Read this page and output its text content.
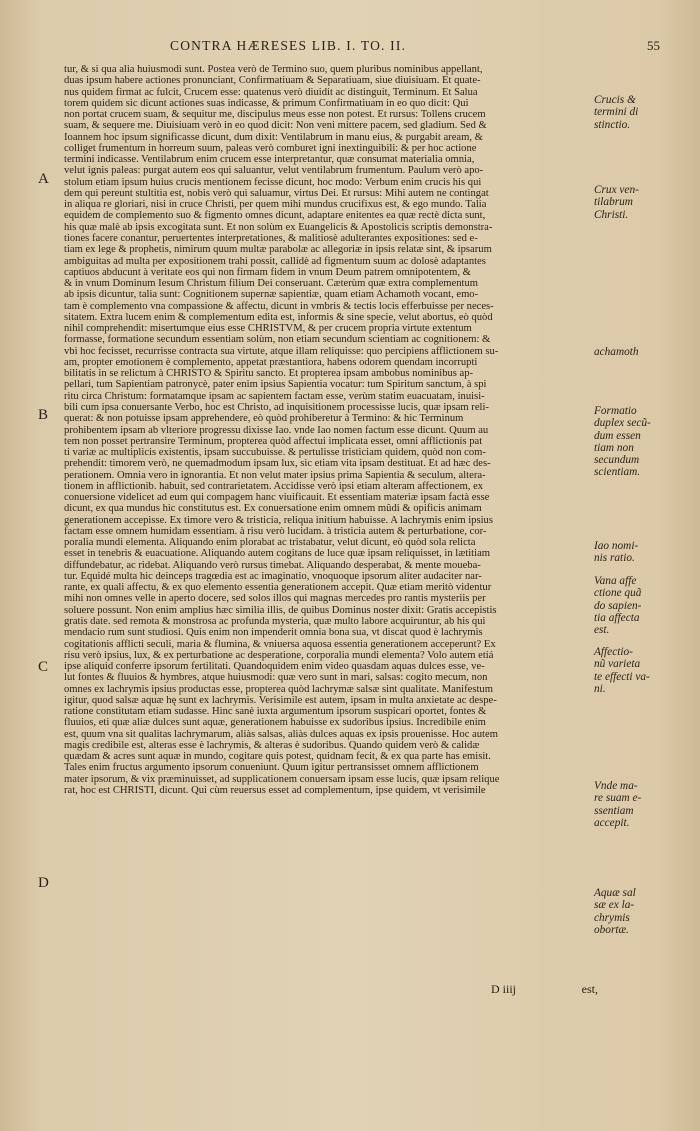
CONTRA HÆRESES LIB. I. TO. II.	55
tur, & si qua alia huiusmodi sunt. Postea verò de Termino suo, quem pluribus nominibus appellant,
duas ipsum habere actiones pronunciant, Confirmatiuam & Separatiuam, siue diuisiuam. Et quate-
nus quidem firmat ac fulcit, Crucem esse: quatenus verò diuidit ac distinguit, Terminum. Et Salua
torem quidem sic dicunt actiones suas indicasse, & primum Confirmatiuam in eo quo dicit: Qui
non portat crucem suam, & sequitur me, discipulus meus esse non potest. Et rursus: Tollens crucem
suam, & sequere me. Diuisiuam verò in eo quod dicit: Non veni mittere pacem, sed gladium. Sed &
Ioannem hoc ipsum significasse dicunt, dum dixit: Ventilabrum in manu eius, & purgabit aream, &
colliget frumentum in horreum suum, paleas verò comburet igni inextinguibili: & per hoc actione
termini indicasse. Ventilabrum enim crucem esse interpretantur, quæ consumat materialia omnia,
velut ignis paleas: purgat autem eos qui saluantur, velut ventilabrum frumentum. Paulum verò apo-
stolum etiam ipsum huius crucis mentionem fecisse dicunt, hoc modo: Verbum enim crucis his qui
dem qui pereunt stultitia est, nobis verò qui saluamur, virtus Dei. Et rursus: Mihi autem ne contingat
in aliqua re gloriari, nisi in cruce Christi, per quem mihi mundus crucifixus est, & ego mundo. Talia
equidem de complemento suo & figmento omnes dicunt, adaptare enitentes ea quæ rectè dicta sunt,
his quæ malè ab ipsis excogitata sunt. Et non solùm ex Euangelicis & Apostolicis scriptis demonstra-
tiones facere conantur, peruertentes interpretationes, & malitiosè adulterantes expositiones: sed e-
tiam ex lege & prophetis, nimirum quum multæ parabolæ ac allegoriæ in ipsis relatæ sint, & ipsarum
ambiguitas ad multa per expositionem trahi possit, callidè ad figmentum suum ac dolosè adaptantes
captiuos abducunt à veritate eos qui non firmam fidem in vnum Deum patrem omnipotentem, &
& in vnum Dominum Iesum Christum filium Dei conseruant. Cæterùm quæ extra complementum
ab ipsis dicuntur, talia sunt: Cognitionem supernæ sapientiæ, quam etiam Achamoth vocant, emo-
tam è complemento vna compassione & affectu, dicunt in vmbris & tectis locis efferbuisse per neces-
sitatem. Extra lucem enim & complementum edita est, informis & sine specie, velut abortus, eò quòd
nihil comprehendit: misertumque eius esse CHRISTVM, & per crucem propria virtute extentum
formasse, formatione secundum essentiam solùm, non etiam secundum scientiam ac cognitionem: &
vbi hoc fecisset, recurrisse contracta sua virtute, atque illam reliquisse: quo percipiens afflictionem su-
am, propter emotionem è complemento, appetat præstantiora, habens odorem quendam incorrupti
bilitatis in se relictum à CHRISTO & Spiritu sancto. Et propterea ipsam ambobus nominibus ap-
pellari, tum Sapientiam patronycè, pater enim ipsius Sapientia vocatur: tum Spiritum sanctum, à spi
ritu circa Christum: formatamque ipsam ac sapientem factam esse, verùm statim euacuatam, inuisi-
bili cum ipsa conuersante Verbo, hoc est Christo, ad inquisitionem processisse lucis, quæ ipsam reli-
querat: & non potuisse ipsam apprehendere, eò quòd prohiberetur à Termino: & hic Terminum
prohibentem ipsam ab vlteriore progressu dixisse Iao. vnde Iao nomen factum esse dicunt. Quum au
tem non posset pertransire Terminum, propterea quòd affectui implicata esset, omni afflictionis pat
ti variæ ac multiplicis existentis, ipsam succubuisse. & pertulisse tristiciam quidem, quòd non com-
prehendit: timorem verò, ne quemadmodum ipsam lux, sic etiam vita ipsam destituat. Et ad hæc des-
perationem. Omnia vero in ignorantia. Et non velut mater ipsius prima Sapientia & seculum, altera-
tionem in afflictionib. habuit, sed contrarietatem. Accidisse verò ipsi etiam alteram affectionem, ex
conuersione videlicet ad eum qui compagem hanc viuificauit. Et essentiam materiæ ipsam factà esse
dicunt, ex qua mundus hic constitutus est. Ex conuersatione enim omnem mûdi & opificis animam
generationem accepisse. Ex timore vero & tristicia, reliqua initium habuisse. A lachrymis enim ipsius
factam esse omnem humidam essentiam. à risu verò lucidam. à tristicia autem & perturbatione, cor-
poralia mundi elementa. Aliquando enim plorabat ac tristabatur, velut dicunt, eò quòd sola relicta
esset in tenebris & euacuatione. Aliquando autem cogitans de luce quæ ipsam reliquisset, in lætitiam
diffundebatur, ac ridebat. Aliquando verò rursus timebat. Aliquando desperabat, & mente moueba-
tur. Equidé multa hic deinceps tragœdia est ac imaginatio, vnoquoque ipsorum aliter audaciter nar-
rante, ex quali affectu, & ex quo elemento essentia generationem accepit. Quæ etiam meritò videntur
mihi non omnes velle in aperto docere, sed solos illos qui magnas mercedes pro rantis mysteriis per
soluere possunt. Non enim amplius hæc similia illis, de quibus Dominus noster dixit: Gratis accepistis
gratis date. sed remota & monstrosa ac profunda mysteria, quæ multo labore acquiruntur, ab his qui
mendacio rum sunt studiosi. Quis enim non impenderit omnia bona sua, vt discat quod è lachrymis
cogitationis afflicti seculi, maria & flumina, & vniuersa aquosa essentia generationem acceperunt? Ex
risu verò ipsius, lux, & ex perturbatione ac desperatione, corporalia mundi elementa? Volo autem etiá
ipse aliquid conferre ipsorum fertilitati. Quandoquidem enim video quasdam aquas dulces esse, ve-
lut fontes & fluuios & hymbres, atque huiusmodi: quæ vero sunt in mari, salsas: cogito mecum, non
omnes ex lachrymis ipsius productas esse, propterea quòd lachrymæ salsæ sint qualitate. Manifestum
igitur, quod salsæ aquæ hę sunt ex lachrymis. Verisimile est autem, ipsam in multa anxietate ac despe-
ratione constitutam etiam sudasse. Hinc sanè iuxta argumentum ipsorum suspicari oportet, fontes &
fluuios, eti quæ aliæ dulces sunt aquæ, generationem habuisse ex sudoribus ipsius. Incredibile enim
est, quum vna sit qualitas lachrymarum, aliàs salsas, aliàs dulces aquas ex ipsis prouenisse. Hoc autem
magis credibile est, alteras esse è lachrymis, & alteras è sudoribus. Quando quidem verò & calidæ
quædam & acres sunt aquæ in mundo, cogitare quis potest, quidnam fecit, & ex qua parte has emisit.
Tales enim fructus argumento ipsorum conueniunt. Quum igitur pertransisset omnem afflictionem
mater ipsorum, & vix præminuisset, ad supplicationem conuersam ipsam esse lucis, quæ ipsam relique
rat, hoc est CHRISTI, dicunt. Qui cùm reuersus esset ad complementum, ipse quidem, vt verisimile
A
B
C
D
Crucis &
termini di
stinctio.
Crux ven-
tilabrum
Christi.
achamoth
Formatio
duplex secũ-
dum essen
tiam non
secundum
scientiam.
Iao nomi-
nis ratio.
Vana affe
ctione quã
do sapien-
tia affecta
est.
Affectio-
nũ varieta
te effecti va-
ni.
Vnde ma-
re suam e-
ssentiam
accepit.
Aquæ sal
sæ ex la-
chrymis
obortæ.
D iiij	est,
